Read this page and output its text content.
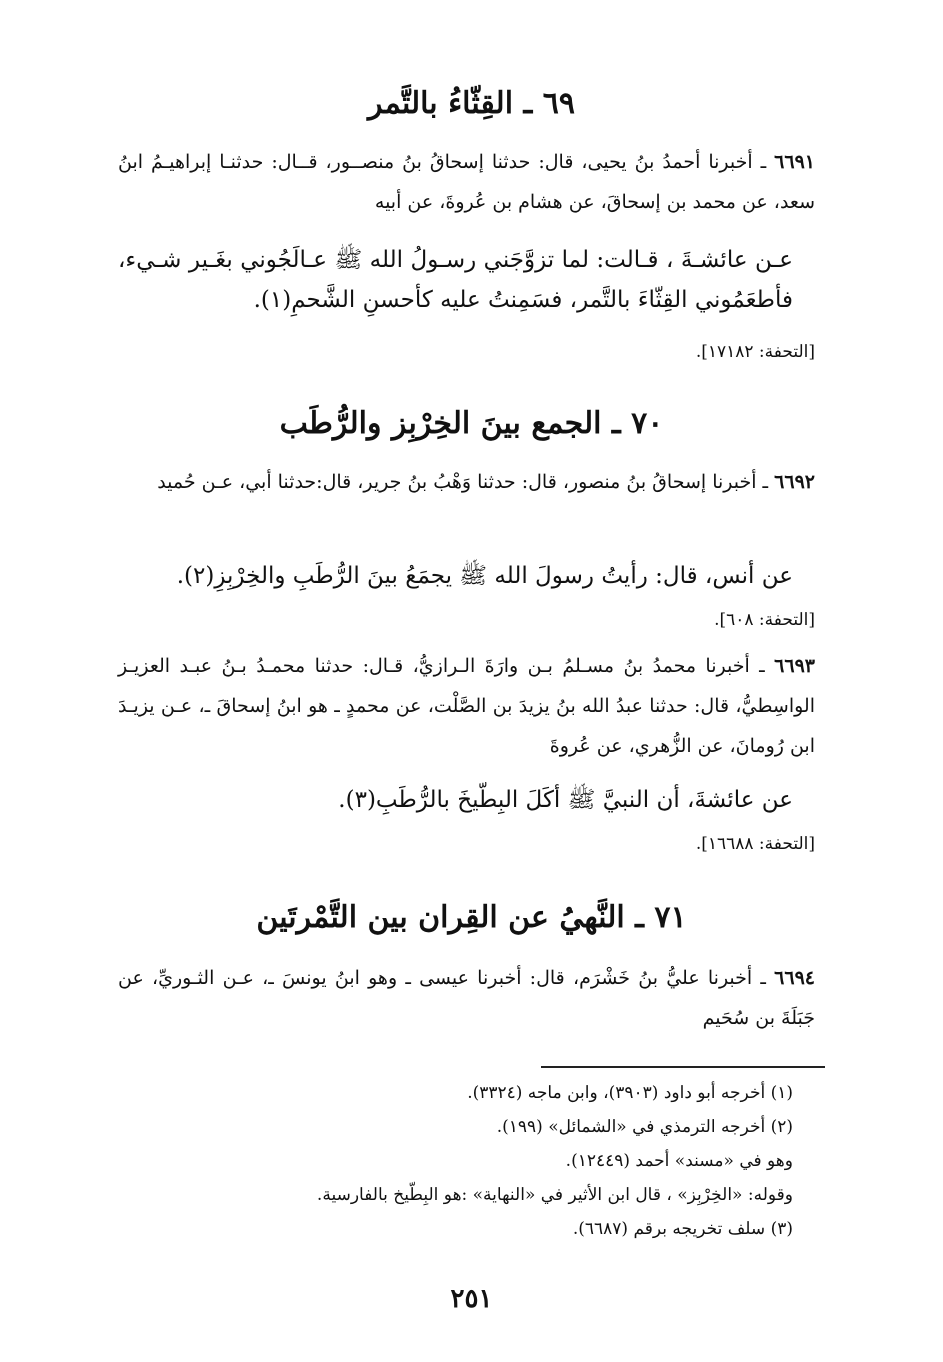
٦٩ ـ القِثّاءُ بالتَّمر
٦٦٩١ ـ أخبرنا أحمدُ بنُ يحيى، قال: حدثنا إسحاقُ بنُ منصــور، قــال: حدثنـا إبراهيـمُ ابنُ سعد، عن محمد بن إسحاقَ، عن هشام بن عُروةَ، عن أبيه
عـن عائشـةَ ، قـالت: لما تزوَّجَني رسـولُ الله ﷺ عـالَجُوني بغَـير شـيء، فأطعَمُوني القِثّاءَ بالتَّمر، فسَمِنتُ عليه كأحسنِ الشَّحمِ(١).
[التحفة: ١٧١٨٢].
٧٠ ـ الجمع بينَ الخِرْبِز والرُّطَب
٦٦٩٢ ـ أخبرنا إسحاقُ بنُ منصور، قال: حدثنا وَهْبُ بنُ جرير، قال:حدثنا أبي، عـن حُميد
عن أنس، قال: رأيتُ رسولَ الله ﷺ يجمَعُ بينَ الرُّطَبِ والخِرْبِزِ(٢).
[التحفة: ٦٠٨].
٦٦٩٣ ـ أخبرنا محمدُ بنُ مسـلمُ بـن وارَةَ الـرازيُّ، قـال: حدثنا محمـدُ بـنُ عبـد العزيـز الواسِطيُّ، قال: حدثنا عبدُ الله بنُ يزيدَ بن الصَّلْت، عن محمدٍ ـ هو ابنُ إسحاقَ ـ، عـن يزيـدَ ابن رُومانَ، عن الزُّهري، عن عُروةَ
عن عائشةَ، أن النبيَّ ﷺ أكَلَ البِطّيخَ بالرُّطَبِ(٣).
[التحفة: ١٦٦٨٨].
٧١ ـ النَّهيُ عن القِران بين التَّمْرتَين
٦٦٩٤ ـ أخبرنا عليُّ بنُ خَشْرَم، قال: أخبرنا عيسى ـ وهو ابنُ يونسَ ـ، عـن الثـوريِّ، عن جَبَلَةَ بن سُحَيم
(١) أخرجه أبو داود (٣٩٠٣)، وابن ماجه (٣٣٢٤).
(٢) أخرجه الترمذي في «الشمائل» (١٩٩).
وهو في «مسند» أحمد (١٢٤٤٩).
وقوله: «الخِرْبِز» ، قال ابن الأثير في «النهاية» :هو البِطّيخ بالفارسية.
(٣) سلف تخريجه برقم (٦٦٨٧).
٢٥١
